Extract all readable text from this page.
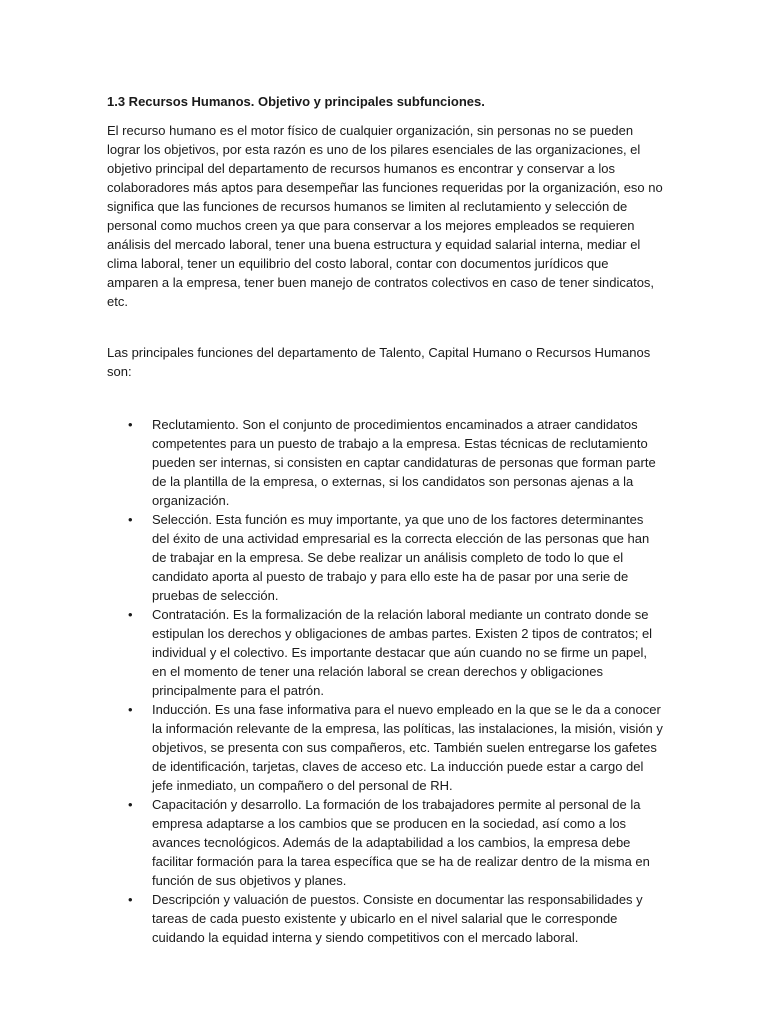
1.3 Recursos Humanos. Objetivo y principales subfunciones.

El recurso humano es el motor físico de cualquier organización, sin personas no se pueden lograr los objetivos, por esta razón es uno de los pilares esenciales de las organizaciones, el objetivo principal del departamento de recursos humanos es encontrar y conservar a los colaboradores más aptos para desempeñar las funciones requeridas por la organización, eso no significa que las funciones de recursos humanos se limiten al reclutamiento y selección de personal como muchos creen ya que para conservar a los mejores empleados se requieren análisis del mercado laboral, tener una buena estructura y equidad salarial interna, mediar el clima laboral, tener un equilibrio del costo laboral, contar con documentos jurídicos que amparen a la empresa, tener buen manejo de contratos colectivos en caso de tener sindicatos, etc.

Las principales funciones del departamento de Talento, Capital Humano o Recursos Humanos son:

• Reclutamiento. Son el conjunto de procedimientos encaminados a atraer candidatos competentes para un puesto de trabajo a la empresa. Estas técnicas de reclutamiento pueden ser internas, si consisten en captar candidaturas de personas que forman parte de la plantilla de la empresa, o externas, si los candidatos son personas ajenas a la organización.
• Selección. Esta función es muy importante, ya que uno de los factores determinantes del éxito de una actividad empresarial es la correcta elección de las personas que han de trabajar en la empresa. Se debe realizar un análisis completo de todo lo que el candidato aporta al puesto de trabajo y para ello este ha de pasar por una serie de pruebas de selección.
• Contratación. Es la formalización de la relación laboral mediante un contrato donde se estipulan los derechos y obligaciones de ambas partes. Existen 2 tipos de contratos; el individual y el colectivo. Es importante destacar que aún cuando no se firme un papel, en el momento de tener una relación laboral se crean derechos y obligaciones principalmente para el patrón.
• Inducción. Es una fase informativa para el nuevo empleado en la que se le da a conocer la información relevante de la empresa, las políticas, las instalaciones, la misión, visión y objetivos, se presenta con sus compañeros, etc. También suelen entregarse los gafetes de identificación, tarjetas, claves de acceso etc. La inducción puede estar a cargo del jefe inmediato, un compañero o del personal de RH.
• Capacitación y desarrollo. La formación de los trabajadores permite al personal de la empresa adaptarse a los cambios que se producen en la sociedad, así como a los avances tecnológicos. Además de la adaptabilidad a los cambios, la empresa debe facilitar formación para la tarea específica que se ha de realizar dentro de la misma en función de sus objetivos y planes.
• Descripción y valuación de puestos. Consiste en documentar las responsabilidades y tareas de cada puesto existente y ubicarlo en el nivel salarial que le corresponde cuidando la equidad interna y siendo competitivos con el mercado laboral.
